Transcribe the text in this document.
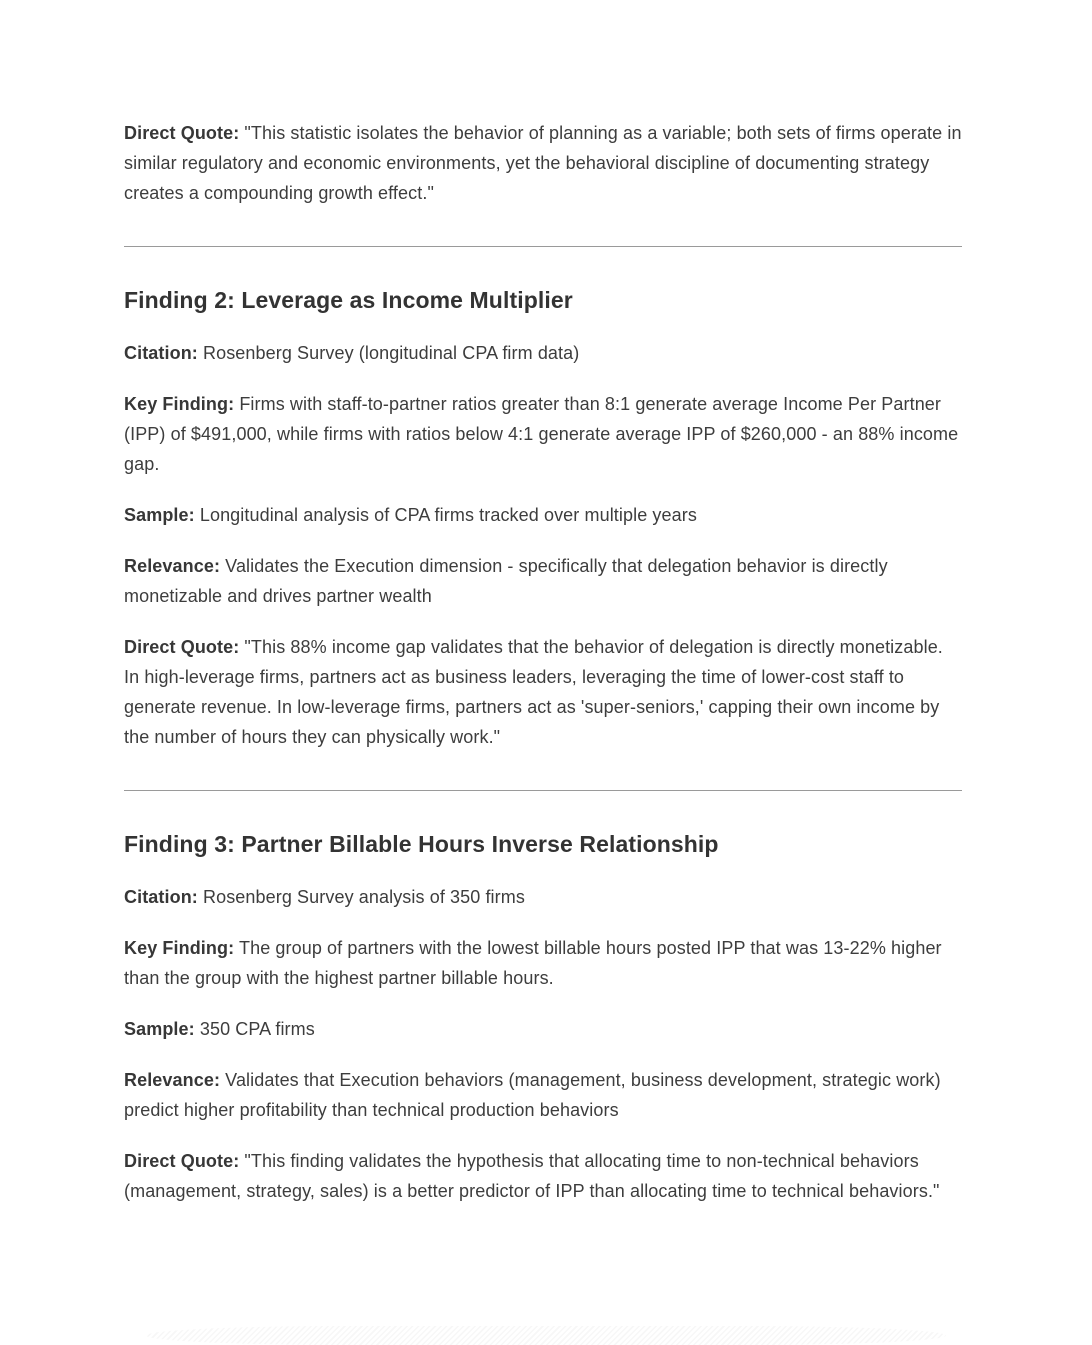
Direct Quote: "This statistic isolates the behavior of planning as a variable; both sets of firms operate in similar regulatory and economic environments, yet the behavioral discipline of documenting strategy creates a compounding growth effect."

Finding 2: Leverage as Income Multiplier

Citation: Rosenberg Survey (longitudinal CPA firm data)

Key Finding: Firms with staff-to-partner ratios greater than 8:1 generate average Income Per Partner (IPP) of $491,000, while firms with ratios below 4:1 generate average IPP of $260,000 - an 88% income gap.

Sample: Longitudinal analysis of CPA firms tracked over multiple years

Relevance: Validates the Execution dimension - specifically that delegation behavior is directly monetizable and drives partner wealth

Direct Quote: "This 88% income gap validates that the behavior of delegation is directly monetizable. In high-leverage firms, partners act as business leaders, leveraging the time of lower-cost staff to generate revenue. In low-leverage firms, partners act as 'super-seniors,' capping their own income by the number of hours they can physically work."

Finding 3: Partner Billable Hours Inverse Relationship

Citation: Rosenberg Survey analysis of 350 firms

Key Finding: The group of partners with the lowest billable hours posted IPP that was 13-22% higher than the group with the highest partner billable hours.

Sample: 350 CPA firms

Relevance: Validates that Execution behaviors (management, business development, strategic work) predict higher profitability than technical production behaviors

Direct Quote: "This finding validates the hypothesis that allocating time to non-technical behaviors (management, strategy, sales) is a better predictor of IPP than allocating time to technical behaviors."
